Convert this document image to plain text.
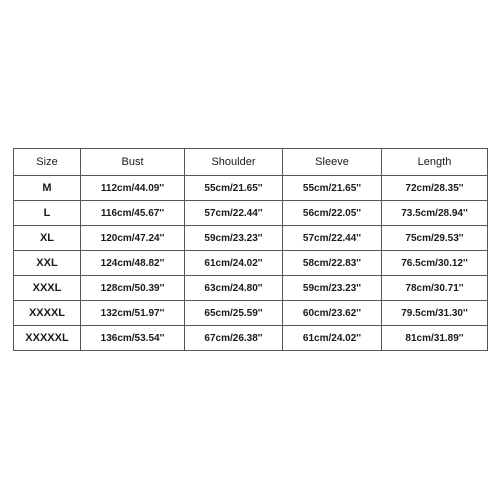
Size	Bust	Shoulder	Sleeve	Length
M	112cm/44.09''	55cm/21.65''	55cm/21.65''	72cm/28.35''
L	116cm/45.67''	57cm/22.44''	56cm/22.05''	73.5cm/28.94''
XL	120cm/47.24''	59cm/23.23''	57cm/22.44''	75cm/29.53''
XXL	124cm/48.82''	61cm/24.02''	58cm/22.83''	76.5cm/30.12''
XXXL	128cm/50.39''	63cm/24.80''	59cm/23.23''	78cm/30.71''
XXXXL	132cm/51.97''	65cm/25.59''	60cm/23.62''	79.5cm/31.30''
XXXXXL	136cm/53.54''	67cm/26.38''	61cm/24.02''	81cm/31.89''
